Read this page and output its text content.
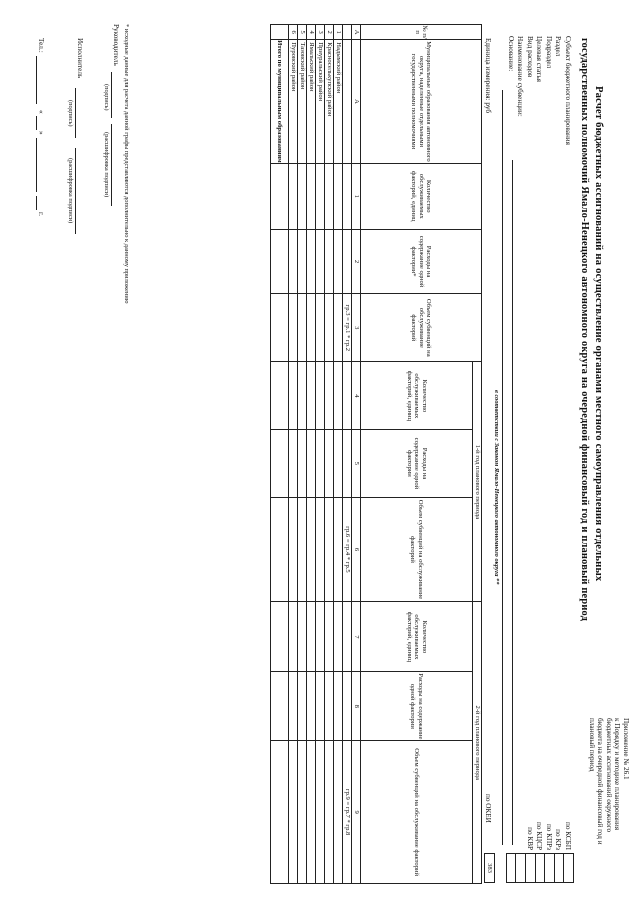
Приложение № 26.1
к Порядку и методике планирования
бюджетных ассигнований окружного
бюджета на очередной финансовый год и
плановый период
Расчет бюджетных ассигнований на осуществление органами местного самоуправления отдельных
государственных полномочий Ямало-Ненецкого автономного округа на очередной финансовый год и плановый период
Субъект бюджетного планирования
Раздел
Подраздел
Целевая статья
Вид расходов
Наименование субвенции:
Основание:
по КСБП
по КРз
по КПРз
по КЦСР
по КВР

в соответствии с Законом Ямало-Ненецкого автономного округа **
Единица измерения: руб
по ОКЕИ
383
№ п/п	Муниципальные образования автономного округа, наделенные отдельными государственными полномочиями	Количество обслуживаемых факторий, единиц	Расходы на содержание одной фактории*	Объем субвенций на обслуживание факторий	1-й год планового периода			2-й год планового периода		
					Количество обслуживаемых факторий, единиц	Расходы на содержание одной фактории	Объем субвенций на обслуживание факторий	Количество обслуживаемых факторий, единиц	Расходы на содержание одной фактории	Объем субвенций на обслуживание факторий
А	А	1	2	3	4	5	6	7	8	9
				гр.3 = гр.1 * гр.2			гр.6 = гр.4 * гр.5			гр.9 = гр.7 * гр.8
1	Надымский район									
2	Красноселькупский район									
3	Приуральский район									
4	Ямальский район									
5	Тазовский район									
6	Пуровский район									
	Итого по муниципальным образованиям									
* исходные данные для расчета данной графы представляются дополнительно к данному приложению
Руководитель
(подпись)
(расшифровка подписи)
Исполнитель
(подпись)
(расшифровка подписи)
Тел.:
«
»
г.
